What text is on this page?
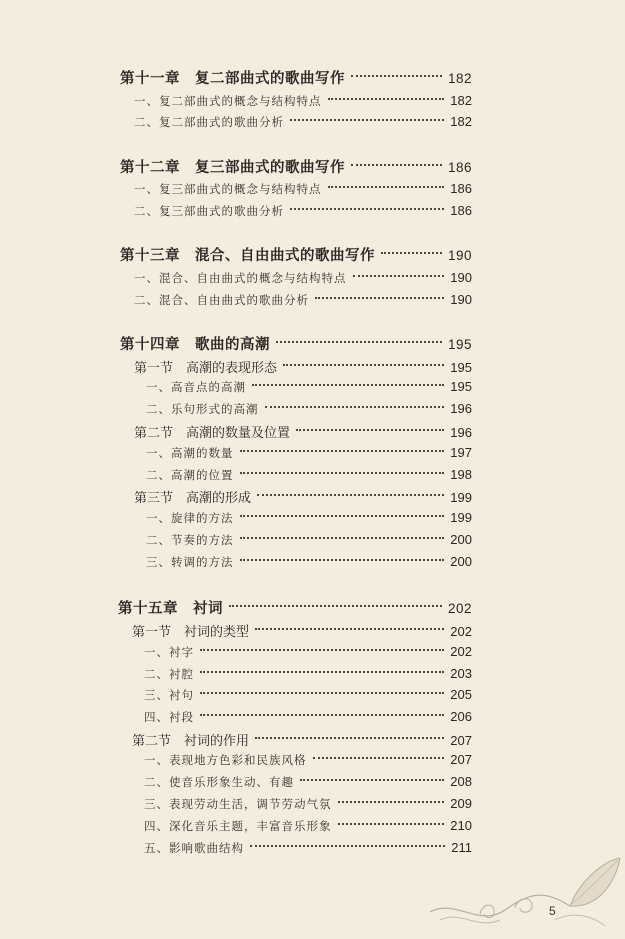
第十一章　复二部曲式的歌曲写作	182
一、复二部曲式的概念与结构特点	182
二、复二部曲式的歌曲分析	182
第十二章　复三部曲式的歌曲写作	186
一、复三部曲式的概念与结构特点	186
二、复三部曲式的歌曲分析	186
第十三章　混合、自由曲式的歌曲写作	190
一、混合、自由曲式的概念与结构特点	190
二、混合、自由曲式的歌曲分析	190
第十四章　歌曲的高潮	195
第一节　高潮的表现形态	195
一、高音点的高潮	195
二、乐句形式的高潮	196
第二节　高潮的数量及位置	196
一、高潮的数量	197
二、高潮的位置	198
第三节　高潮的形成	199
一、旋律的方法	199
二、节奏的方法	200
三、转调的方法	200
第十五章　衬词	202
第一节　衬词的类型	202
一、衬字	202
二、衬腔	203
三、衬句	205
四、衬段	206
第二节　衬词的作用	207
一、表现地方色彩和民族风格	207
二、使音乐形象生动、有趣	208
三、表现劳动生活，调节劳动气氛	209
四、深化音乐主题，丰富音乐形象	210
五、影响歌曲结构	211
5
